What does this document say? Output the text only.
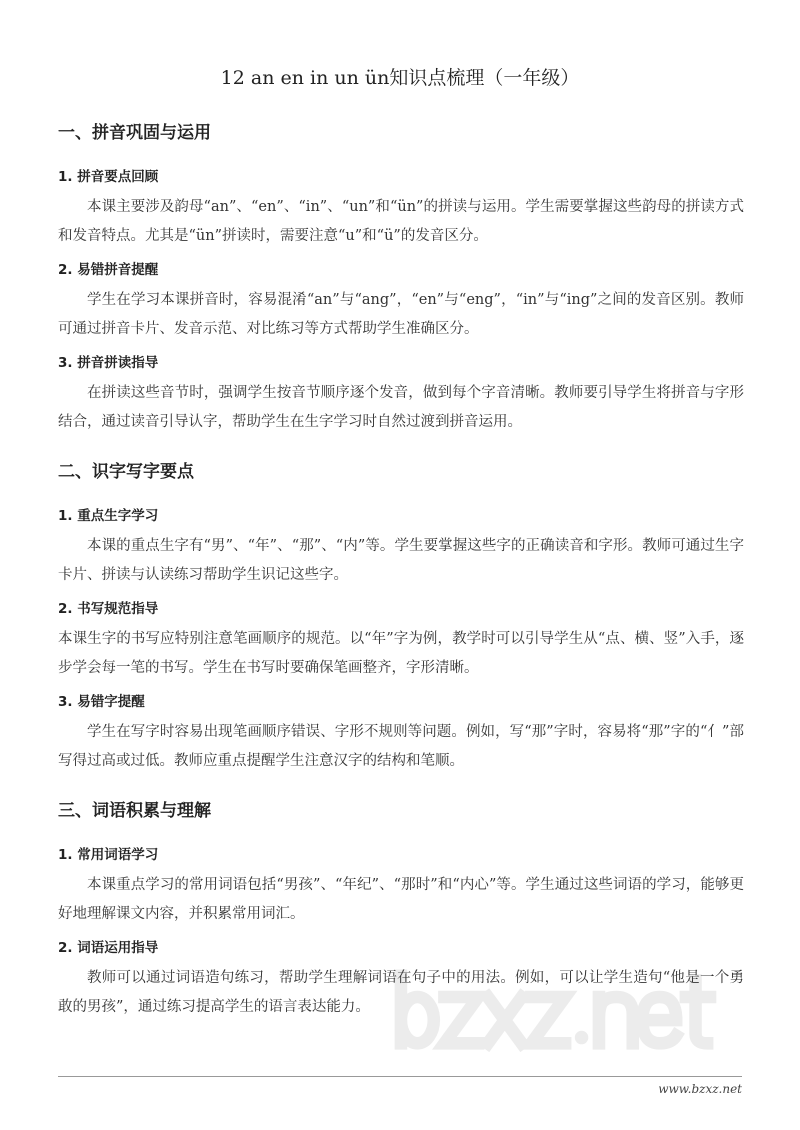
12 an en in un ün知识点梳理（一年级）
一、拼音巩固与运用
1. 拼音要点回顾
本课主要涉及韵母“an”、“en”、“in”、“un”和“ün”的拼读与运用。学生需要掌握这些韵母的拼读方式和发音特点。尤其是“ün”拼读时，需要注意“u”和“ü”的发音区分。
2. 易错拼音提醒
学生在学习本课拼音时，容易混淆“an”与“ang”，“en”与“eng”，“in”与“ing”之间的发音区别。教师可通过拼音卡片、发音示范、对比练习等方式帮助学生准确区分。
3. 拼音拼读指导
在拼读这些音节时，强调学生按音节顺序逐个发音，做到每个字音清晰。教师要引导学生将拼音与字形结合，通过读音引导认字，帮助学生在生字学习时自然过渡到拼音运用。
二、识字写字要点
1. 重点生字学习
本课的重点生字有“男”、“年”、“那”、“内”等。学生要掌握这些字的正确读音和字形。教师可通过生字卡片、拼读与认读练习帮助学生识记这些字。
2. 书写规范指导
本课生字的书写应特别注意笔画顺序的规范。以“年”字为例，教学时可以引导学生从“点、横、竖”入手，逐步学会每一笔的书写。学生在书写时要确保笔画整齐，字形清晰。
3. 易错字提醒
学生在写字时容易出现笔画顺序错误、字形不规则等问题。例如，写“那”字时，容易将“那”字的“亻”部写得过高或过低。教师应重点提醒学生注意汉字的结构和笔顺。
三、词语积累与理解
1. 常用词语学习
本课重点学习的常用词语包括“男孩”、“年纪”、“那时”和“内心”等。学生通过这些词语的学习，能够更好地理解课文内容，并积累常用词汇。
2. 词语运用指导
教师可以通过词语造句练习，帮助学生理解词语在句子中的用法。例如，可以让学生造句“他是一个勇敢的男孩”，通过练习提高学生的语言表达能力。
www.bzxz.net
